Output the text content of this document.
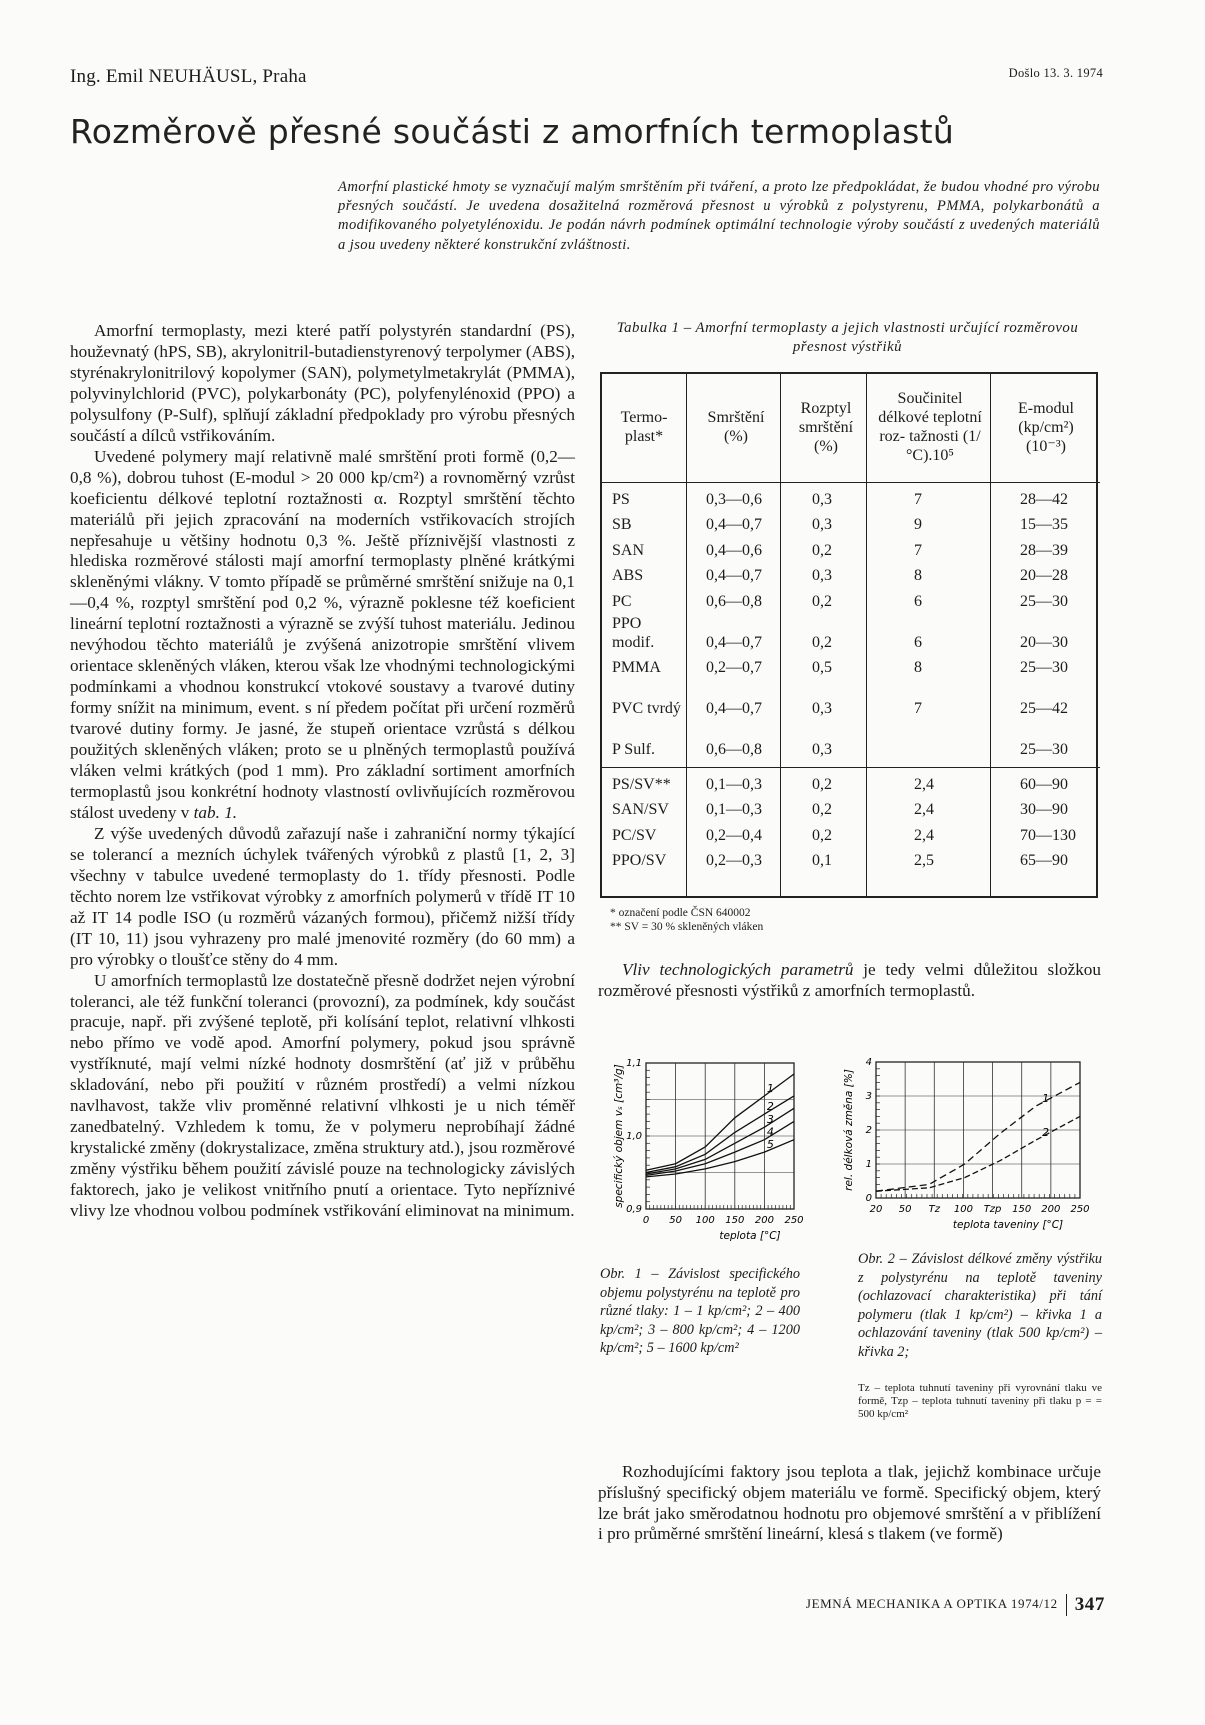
Ing. Emil NEUHÄUSL, Praha	Došlo 13. 3. 1974
Rozměrově přesné součásti z amorfních termoplastů
Amorfní plastické hmoty se vyznačují malým smrštěním při tváření, a proto lze předpokládat, že budou vhodné pro výrobu přesných součástí. Je uvedena dosažitelná rozměrová přesnost u výrobků z polystyrenu, PMMA, polykarbonátů a modifikovaného polyetylénoxidu. Je podán návrh podmínek optimální technologie výroby součástí z uvedených materiálů a jsou uvedeny některé konstrukční zvláštnosti.

Amorfní termoplasty, mezi které patří polystyrén standardní (PS), houževnatý (hPS, SB), akrylonitril-butadienstyrenový terpolymer (ABS), styrénakrylonitrilový kopolymer (SAN), polymetylmetakrylát (PMMA), polyvinylchlorid (PVC), polykarbonáty (PC), polyfenylénoxid (PPO) a polysulfony (P-Sulf), splňují základní předpoklady pro výrobu přesných součástí a dílců vstřikováním.

Uvedené polymery mají relativně malé smrštění proti formě (0,2—0,8 %), dobrou tuhost (E-modul > 20 000 kp/cm²) a rovnoměrný vzrůst koeficientu délkové teplotní roztažnosti α. Rozptyl smrštění těchto materiálů při jejich zpracování na moderních vstřikovacích strojích nepřesahuje u většiny hodnotu 0,3 %. Ještě příznivější vlastnosti z hlediska rozměrové stálosti mají amorfní termoplasty plněné krátkými skleněnými vlákny. V tomto případě se průměrné smrštění snižuje na 0,1—0,4 %, rozptyl smrštění pod 0,2 %, výrazně poklesne též koeficient lineární teplotní roztažnosti a výrazně se zvýší tuhost materiálu. Jedinou nevýhodou těchto materiálů je zvýšená anizotropie smrštění vlivem orientace skleněných vláken, kterou však lze vhodnými technologickými podmínkami a vhodnou konstrukcí vtokové soustavy a tvarové dutiny formy snížit na minimum, event. s ní předem počítat při určení rozměrů tvarové dutiny formy. Je jasné, že stupeň orientace vzrůstá s délkou použitých skleněných vláken; proto se u plněných termoplastů používá vláken velmi krátkých (pod 1 mm). Pro základní sortiment amorfních termoplastů jsou konkrétní hodnoty vlastností ovlivňujících rozměrovou stálost uvedeny v tab. 1.

Z výše uvedených důvodů zařazují naše i zahraniční normy týkající se tolerancí a mezních úchylek tvářených výrobků z plastů [1, 2, 3] všechny v tabulce uvedené termoplasty do 1. třídy přesnosti. Podle těchto norem lze vstřikovat výrobky z amorfních polymerů v třídě IT 10 až IT 14 podle ISO (u rozměrů vázaných formou), přičemž nižší třídy (IT 10, 11) jsou vyhrazeny pro malé jmenovité rozměry (do 60 mm) a pro výrobky o tloušťce stěny do 4 mm.

U amorfních termoplastů lze dostatečně přesně dodržet nejen výrobní toleranci, ale též funkční toleranci (provozní), za podmínek, kdy součást pracuje, např. při zvýšené teplotě, při kolísání teplot, relativní vlhkosti nebo přímo ve vodě apod. Amorfní polymery, pokud jsou správně vystříknuté, mají velmi nízké hodnoty dosmrštění (ať již v průběhu skladování, nebo při použití v různém prostředí) a velmi nízkou navlhavost, takže vliv proměnné relativní vlhkosti je u nich téměř zanedbatelný. Vzhledem k tomu, že v polymeru neprobíhají žádné krystalické změny (dokrystalizace, změna struktury atd.), jsou rozměrové změny výstřiku během použití závislé pouze na technologicky závislých faktorech, jako je velikost vnitřního pnutí a orientace. Tyto nepříznivé vlivy lze vhodnou volbou podmínek vstřikování eliminovat na minimum.

Tabulka 1 – Amorfní termoplasty a jejich vlastnosti určující rozměrovou přesnost výstřiků
Termo- plast*	Smrštění (%)	Rozptyl smrštění (%)	Součinitel délkové teplotní roz- tažnosti (1/ °C).10⁵	E-modul (kp/cm²) (10⁻³)
PS	0,3—0,6	0,3	7	28—42
SB	0,4—0,7	0,3	9	15—35
SAN	0,4—0,6	0,2	7	28—39
ABS	0,4—0,7	0,3	8	20—28
PC	0,6—0,8	0,2	6	25—30
PPO modif.	0,4—0,7	0,2	6	20—30
PMMA	0,2—0,7	0,5	8	25—30
PVC tvrdý	0,4—0,7	0,3	7	25—42
P Sulf.	0,6—0,8	0,3		25—30

PS/SV**	0,1—0,3	0,2	2,4	60—90
SAN/SV	0,1—0,3	0,2	2,4	30—90
PC/SV	0,2—0,4	0,2	2,4	70—130
PPO/SV	0,2—0,3	0,1	2,5	65—90
* označení podle ČSN 640002
** SV = 30 % skleněných vláken
Vliv technologických parametrů je tedy velmi důležitou složkou rozměrové přesnosti výstřiků z amorfních termoplastů.
0 50 100 150 200 250
0,9
1,0
1,1
teplota [°C]
specifický objem vₛ [cm³/g]	1
2
3
4
5
20 50 Tz 100 Tzp 150 200 250
0
1
2
3
4
teplota taveniny [°C]
rel. délková změna [%]	1
2
Obr. 1 – Závislost specifického objemu polystyrénu na teplotě pro různé tlaky: 1 – 1 kp/cm²; 2 – 400 kp/cm²; 3 – 800 kp/cm²; 4 – 1200 kp/cm²; 5 – 1600 kp/cm²
Obr. 2 – Závislost délkové změny výstřiku z polystyrénu na teplotě taveniny (ochlazovací charakteristika) při tání polymeru (tlak 1 kp/cm²) – křivka 1 a ochlazování taveniny (tlak 500 kp/cm²) – křivka 2;
Tz – teplota tuhnutí taveniny při vyrovnání tlaku ve formě, Tzp – teplota tuhnutí taveniny při tlaku p = = 500 kp/cm²
Rozhodujícími faktory jsou teplota a tlak, jejichž kombinace určuje příslušný specifický objem materiálu ve formě. Specifický objem, který lze brát jako směrodatnou hodnotu pro objemové smrštění a v přiblížení i pro průměrné smrštění lineární, klesá s tlakem (ve formě)
JEMNÁ MECHANIKA A OPTIKA 1974/12 347
